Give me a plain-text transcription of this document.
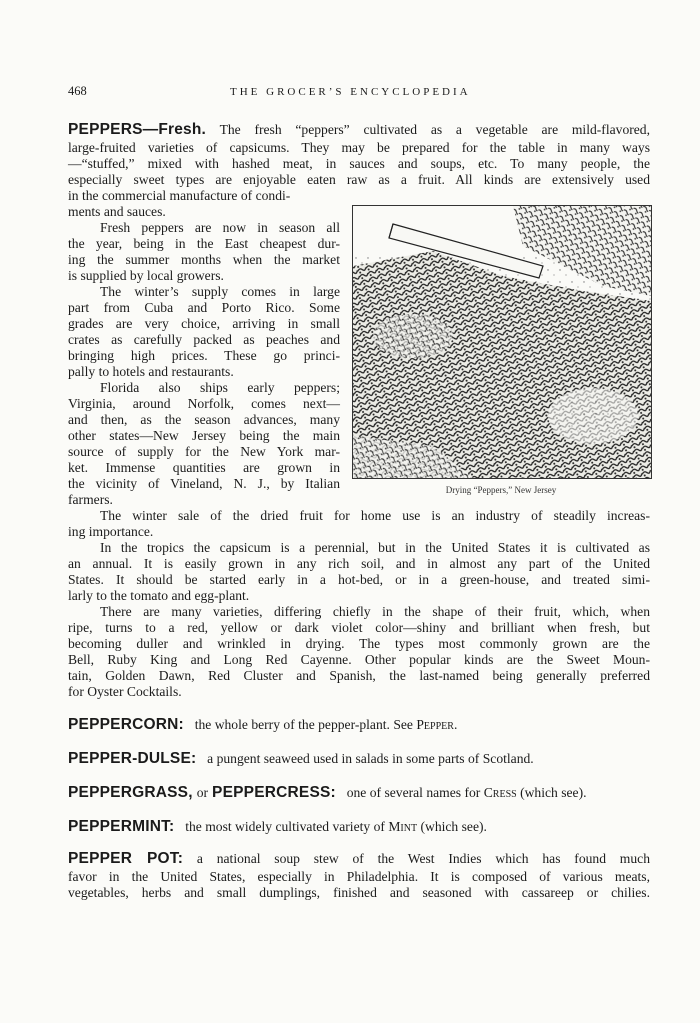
468	THE GROCER’S ENCYCLOPEDIA
PEPPERS—Fresh. The fresh “peppers” cultivated as a vegetable are mild-flavored,
large-fruited varieties of capsicums. They may be prepared for the table in many ways
—“stuffed,” mixed with hashed meat, in sauces and soups, etc. To many people, the
especially sweet types are enjoyable eaten raw as a fruit. All kinds are extensively used
in the commercial manufacture of condi-
ments and sauces.
Fresh peppers are now in season all
the year, being in the East cheapest dur-
ing the summer months when the market
is supplied by local growers.
The winter’s supply comes in large
part from Cuba and Porto Rico. Some
grades are very choice, arriving in small
crates as carefully packed as peaches and
bringing high prices. These go princi-
pally to hotels and restaurants.
Florida also ships early peppers;
Virginia, around Norfolk, comes next—
and then, as the season advances, many
other states—New Jersey being the main
source of supply for the New York mar-
ket. Immense quantities are grown in
the vicinity of Vineland, N. J., by Italian
farmers.
The winter sale of the dried fruit for home use is an industry of steadily increas-
ing importance.
In the tropics the capsicum is a perennial, but in the United States it is cultivated as
an annual. It is easily grown in any rich soil, and in almost any part of the United
States. It should be started early in a hot-bed, or in a green-house, and treated simi-
larly to the tomato and egg-plant.
There are many varieties, differing chiefly in the shape of their fruit, which, when
ripe, turns to a red, yellow or dark violet color—shiny and brilliant when fresh, but
becoming duller and wrinkled in drying. The types most commonly grown are the
Bell, Ruby King and Long Red Cayenne. Other popular kinds are the Sweet Moun-
tain, Golden Dawn, Red Cluster and Spanish, the last-named being generally preferred
for Oyster Cocktails.
Drying “Peppers,” New Jersey
PEPPERCORN: the whole berry of the pepper-plant. See Pepper.
PEPPER-DULSE: a pungent seaweed used in salads in some parts of Scotland.
PEPPERGRASS, or PEPPERCRESS: one of several names for Cress (which see).
PEPPERMINT: the most widely cultivated variety of Mint (which see).
PEPPER POT: a national soup stew of the West Indies which has found much
favor in the United States, especially in Philadelphia. It is composed of various meats,
vegetables, herbs and small dumplings, finished and seasoned with cassareep or chilies.
